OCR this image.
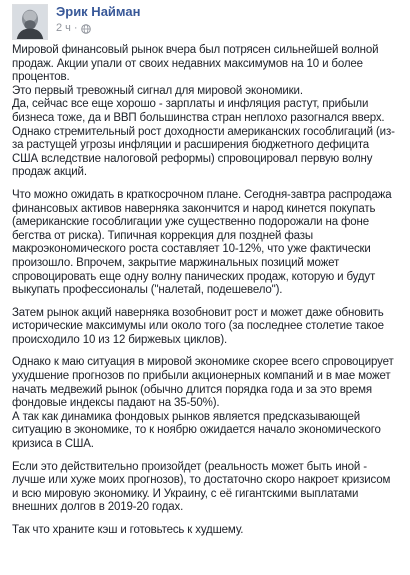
Эрик Найман
2 ч ·

Мировой финансовый рынок вчера был потрясен сильнейшей волной продаж. Акции упали от своих недавних максимумов на 10 и более процентов.
Это первый тревожный сигнал для мировой экономики.
Да, сейчас все еще хорошо - зарплаты и инфляция растут, прибыли бизнеса тоже, да и ВВП большинства стран неплохо разогнался вверх.
Однако стремительный рост доходности американских гособлигаций (из-за растущей угрозы инфляции и расширения бюджетного дефицита США вследствие налоговой реформы) спровоцировал первую волну продаж акций.

Что можно ожидать в краткосрочном плане. Сегодня-завтра распродажа финансовых активов наверняка закончится и народ кинется покупать (американские гособлигации уже существенно подорожали на фоне бегства от риска). Типичная коррекция для поздней фазы макроэкономического роста составляет 10-12%, что уже фактически произошло. Впрочем, закрытие маржинальных позиций может спровоцировать еще одну волну панических продаж, которую и будут выкупать профессионалы ("налетай, подешевело").

Затем рынок акций наверняка возобновит рост и может даже обновить исторические максимумы или около того (за последнее столетие такое происходило 10 из 12 биржевых циклов).

Однако к маю ситуация в мировой экономике скорее всего спровоцирует ухудшение прогнозов по прибыли акционерных компаний и в мае может начать медвежий рынок (обычно длится порядка года и за это время фондовые индексы падают на 35-50%).
А так как динамика фондовых рынков является предсказывающей ситуацию в экономике, то к ноябрю ожидается начало экономического кризиса в США.

Если это действительно произойдет (реальность может быть иной - лучше или хуже моих прогнозов), то достаточно скоро накроет кризисом и всю мировую экономику. И Украину, с её гигантскими выплатами внешних долгов в 2019-20 годах.

Так что храните кэш и готовьтесь к худшему.
